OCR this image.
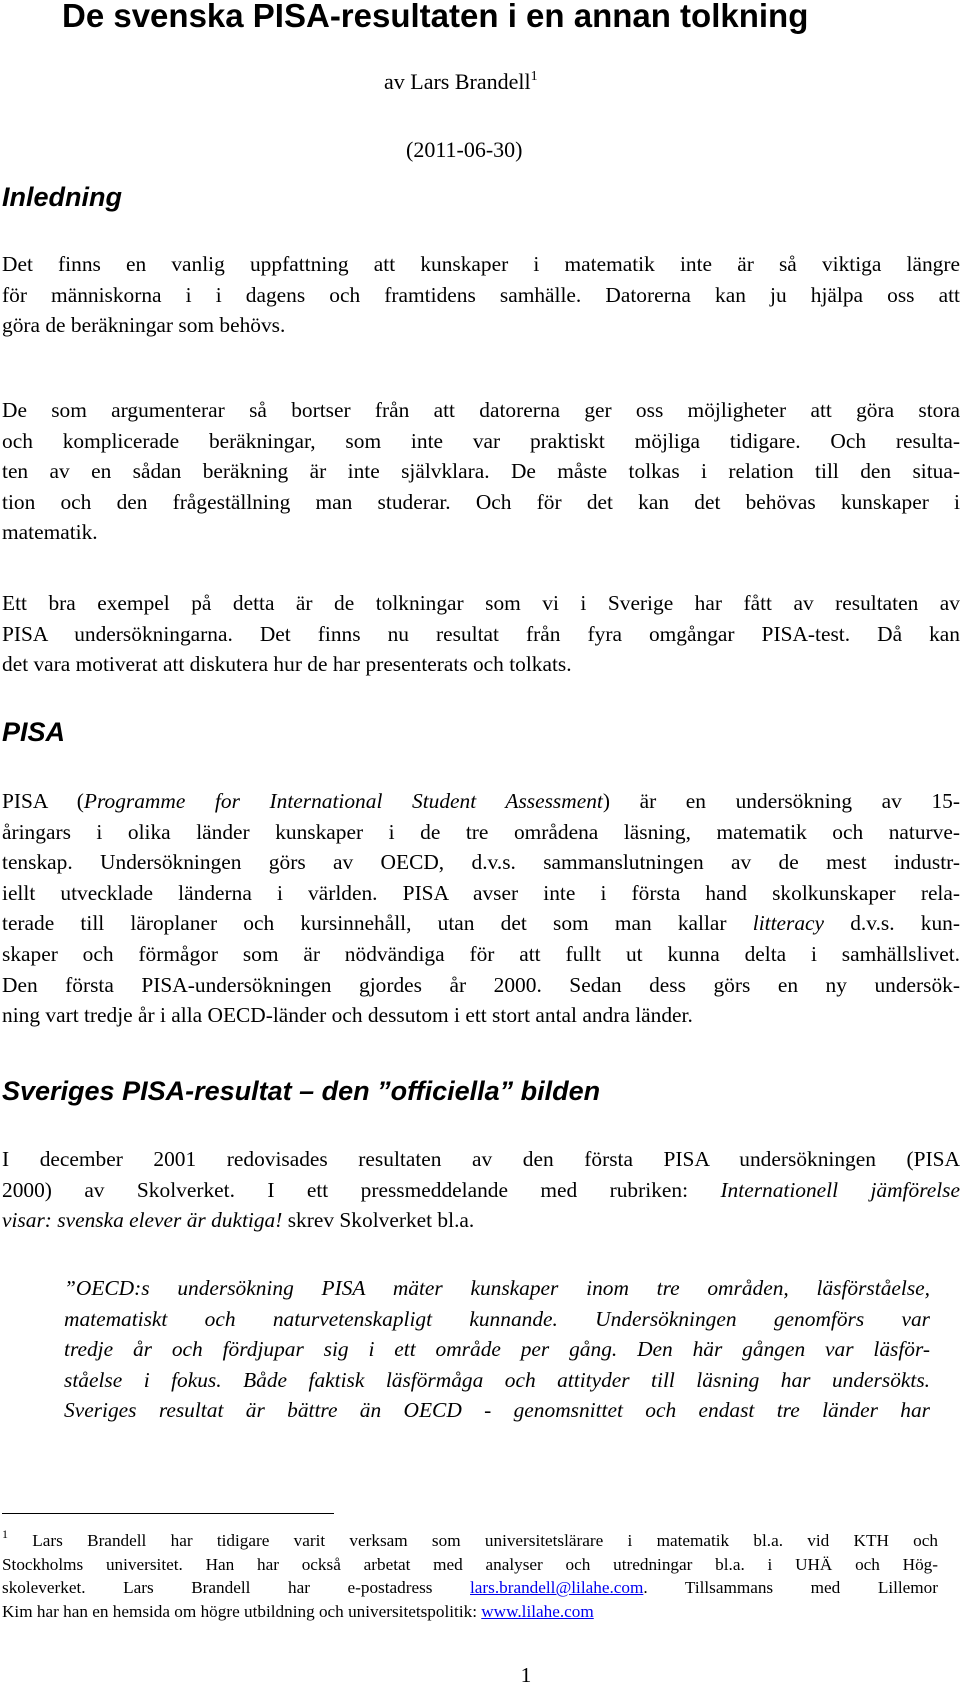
De svenska PISA-resultaten i en annan tolkning
av Lars Brandell$^1$
(2011-06-30)
Inledning

Det finns en vanlig uppfattning att kunskaper i matematik inte är så viktiga längre
för människorna i i dagens och framtidens samhälle. Datorerna kan ju hjälpa oss att
göra de beräkningar som behövs.

De som argumenterar så bortser från att datorerna ger oss möjligheter att göra stora
och komplicerade beräkningar, som inte var praktiskt möjliga tidigare. Och resulta-
ten av en sådan beräkning är inte självklara. De måste tolkas i relation till den situa-
tion och den frågeställning man studerar. Och för det kan det behövas kunskaper i
matematik.

Ett bra exempel på detta är de tolkningar som vi i Sverige har fått av resultaten av
PISA undersökningarna. Det finns nu resultat från fyra omgångar PISA-test. Då kan
det vara motiverat att diskutera hur de har presenterats och tolkats.

PISA

PISA (Programme for International Student Assessment) är en undersökning av 15-
åringars i olika länder kunskaper i de tre områdena läsning, matematik och naturve-
tenskap. Undersökningen görs av OECD, d.v.s. sammanslutningen av de mest industr-
iellt utvecklade länderna i världen. PISA avser inte i första hand skolkunskaper rela-
terade till läroplaner och kursinnehåll, utan det som man kallar litteracy d.v.s. kun-
skaper och förmågor som är nödvändiga för att fullt ut kunna delta i samhällslivet.
Den första PISA-undersökningen gjordes år 2000. Sedan dess görs en ny undersök-
ning vart tredje år i alla OECD-länder och dessutom i ett stort antal andra länder.

Sveriges PISA-resultat – den ”officiella” bilden

I december 2001 redovisades resultaten av den första PISA undersökningen (PISA
2000) av Skolverket. I ett pressmeddelande med rubriken: Internationell jämförelse
visar: svenska elever är duktiga! skrev Skolverket bl.a.

”OECD:s undersökning PISA mäter kunskaper inom tre områden, läsförståelse,
matematiskt och naturvetenskapligt kunnande. Undersökningen genomförs var
tredje år och fördjupar sig i ett område per gång. Den här gången var läsför-
ståelse i fokus. Både faktisk läsförmåga och attityder till läsning har undersökts.
Sveriges resultat är bättre än OECD - genomsnittet och endast tre länder har
$^1$ Lars Brandell har tidigare varit verksam som universitetslärare i matematik bl.a. vid KTH och
Stockholms universitet. Han har också arbetat med analyser och utredningar bl.a. i UHÄ och Hög-
skoleverket. Lars Brandell har e-postadress lars.brandell@lilahe.com. Tillsammans med Lillemor
Kim har han en hemsida om högre utbildning och universitetspolitik: www.lilahe.com
1
